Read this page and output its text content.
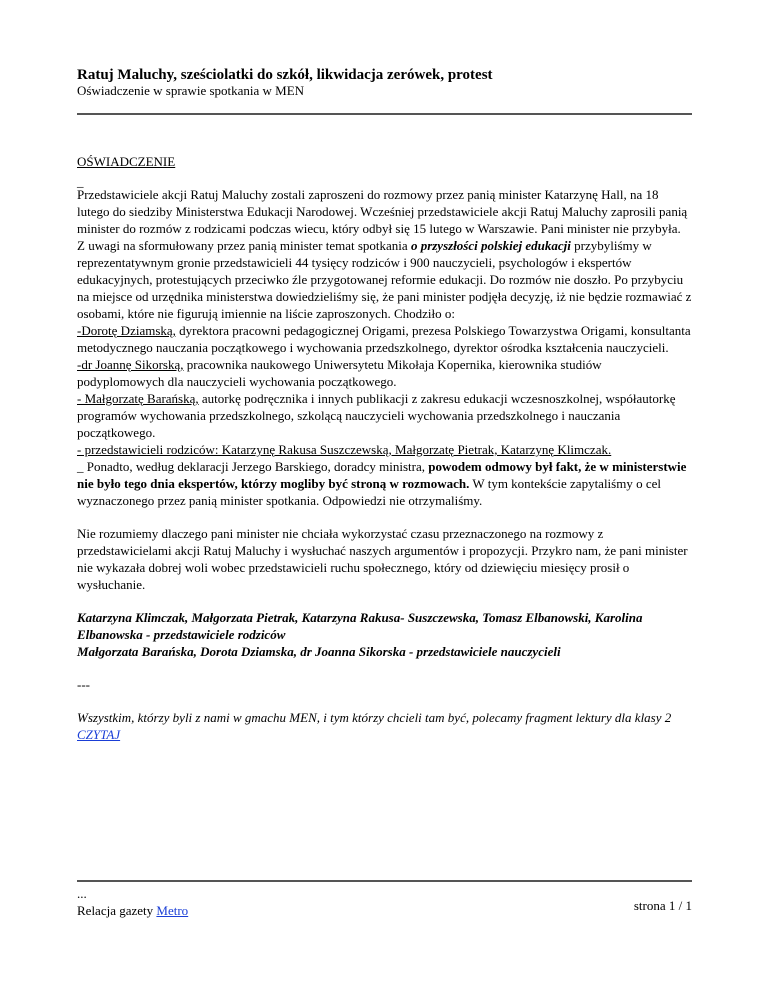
Ratuj Maluchy, sześciolatki do szkół, likwidacja zerówek, protest
Oświadczenie w sprawie spotkania w MEN

OŚWIADCZENIE

_

Przedstawiciele akcji Ratuj Maluchy zostali zaproszeni do rozmowy przez panią minister Katarzynę Hall, na 18 lutego do siedziby Ministerstwa Edukacji Narodowej. Wcześniej przedstawiciele akcji Ratuj Maluchy zaprosili panią minister do rozmów z rodzicami podczas wiecu, który odbył się 15 lutego w Warszawie. Pani minister nie przybyła.

Z uwagi na sformułowany przez panią minister temat spotkania o przyszłości polskiej edukacji przybyliśmy w reprezentatywnym gronie przedstawicieli 44 tysięcy rodziców i 900 nauczycieli, psychologów i ekspertów edukacyjnych, protestujących przeciwko źle przygotowanej reformie edukacji. Do rozmów nie doszło. Po przybyciu na miejsce od urzędnika ministerstwa dowiedzieliśmy się, że pani minister podjęła decyzję, iż nie będzie rozmawiać z osobami, które nie figurują imiennie na liście zaproszonych. Chodziło o:

-Dorotę Dziamską, dyrektora pracowni pedagogicznej Origami, prezesa Polskiego Towarzystwa Origami, konsultanta metodycznego nauczania początkowego i wychowania przedszkolnego, dyrektor ośrodka kształcenia nauczycieli.

-dr Joannę Sikorską, pracownika naukowego Uniwersytetu Mikołaja Kopernika, kierownika studiów podyplomowych dla nauczycieli wychowania początkowego.

- Małgorzatę Barańską, autorkę podręcznika i innych publikacji z zakresu edukacji wczesnoszkolnej, współautorkę programów wychowania przedszkolnego, szkolącą nauczycieli wychowania przedszkolnego i nauczania początkowego.

- przedstawicieli rodziców: Katarzynę Rakusa Suszczewską, Małgorzatę Pietrak, Katarzynę Klimczak.

_ Ponadto, według deklaracji Jerzego Barskiego, doradcy ministra, powodem odmowy był fakt, że w ministerstwie nie było tego dnia ekspertów, którzy mogliby być stroną w rozmowach. W tym kontekście zapytaliśmy o cel wyznaczonego przez panią minister spotkania. Odpowiedzi nie otrzymaliśmy.

Nie rozumiemy dlaczego pani minister nie chciała wykorzystać czasu przeznaczonego na rozmowy z przedstawicielami akcji Ratuj Maluchy i wysłuchać naszych argumentów i propozycji. Przykro nam, że pani minister nie wykazała dobrej woli wobec przedstawicieli ruchu społecznego, który od dziewięciu miesięcy prosił o wysłuchanie.

Katarzyna Klimczak, Małgorzata Pietrak, Katarzyna Rakusa- Suszczewska, Tomasz Elbanowski, Karolina Elbanowska - przedstawiciele rodziców

Małgorzata Barańska, Dorota Dziamska, dr Joanna Sikorska - przedstawiciele nauczycieli

---

Wszystkim, którzy byli z nami w gmachu MEN, i tym którzy chcieli tam być, polecamy fragment lektury dla klasy 2

CZYTAJ

...

Relacja gazety Metro	strona 1 / 1
